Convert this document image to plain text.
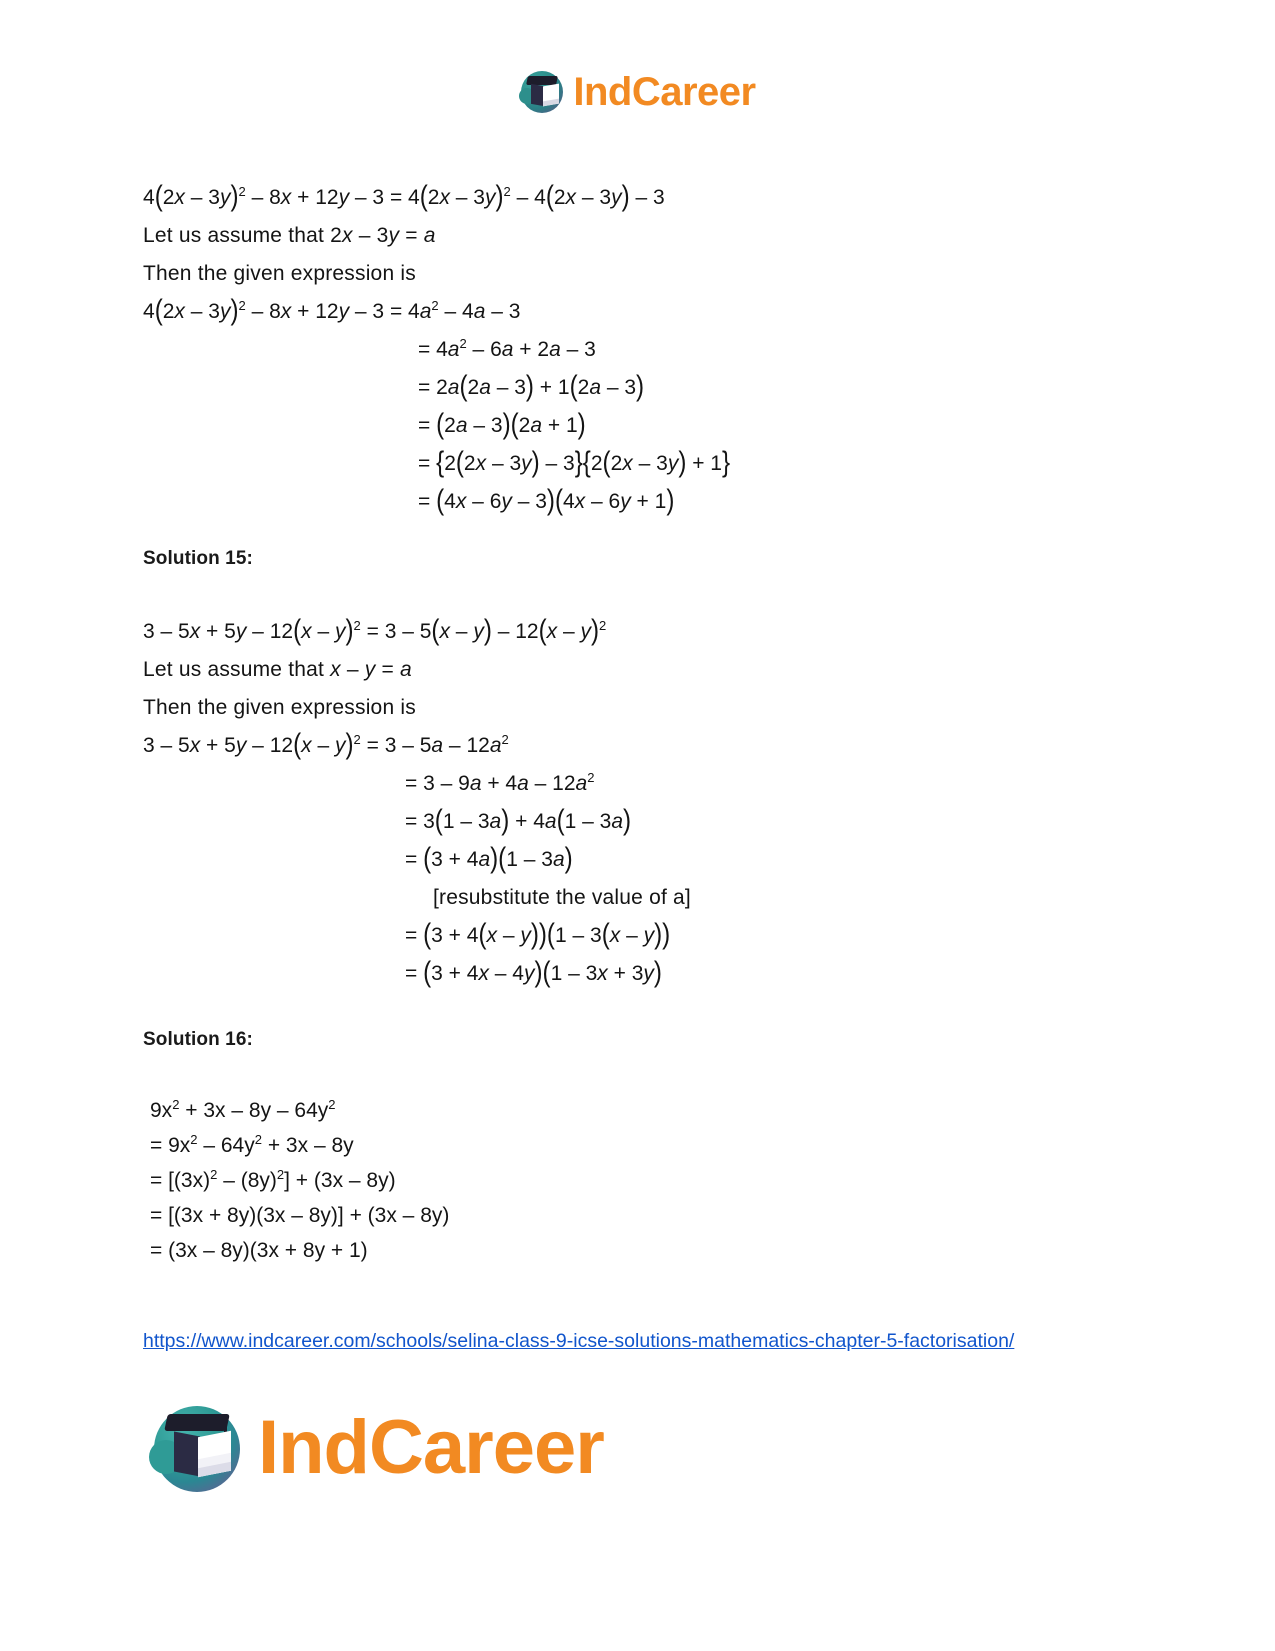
IndCareer
4(2x – 3y)$^2$ – 8x + 12y – 3 = 4(2x – 3y)$^2$ – 4(2x – 3y) – 3
Let us assume that 2x – 3y = a
Then the given expression is
$4(2x - 3y)^2 - 8x + 12y - 3 = 4a^2 - 4a - 3$
= $4a^2 - 6a + 2a - 3$
= 2a(2a – 3) + 1(2a – 3)
= (2a – 3)(2a + 1)
= {2(2x – 3y) – 3}{2(2x – 3y) + 1}
= (4x – 6y – 3)(4x – 6y + 1)
Solution 15:
3 – 5x + 5y – 12(x – y)$^2$ = 3 – 5(x – y) – 12(x – y)$^2$
Let us assume that x – y = a
Then the given expression is
$3 - 5x + 5y - 12(x - y)^2 = 3 - 5a - 12a^2$
= $3 - 9a + 4a - 12a^2$
= 3(1 – 3a) + 4a(1 – 3a)
= (3 + 4a)(1 – 3a)
[resubstitute the value of a]
= (3 + 4(x – y))(1 – 3(x – y))
= (3 + 4x – 4y)(1 – 3x + 3y)
Solution 16:
$9x^2 + 3x - 8y - 64y^2$
= $9x^2 - 64y^2 + 3x - 8y$
= $[(3x)^2 - (8y)^2] + (3x - 8y)$
= [(3x + 8y)(3x – 8y)] + (3x – 8y)
= (3x – 8y)(3x + 8y + 1)
https://www.indcareer.com/schools/selina-class-9-icse-solutions-mathematics-chapter-5-factorisation/
IndCareer
